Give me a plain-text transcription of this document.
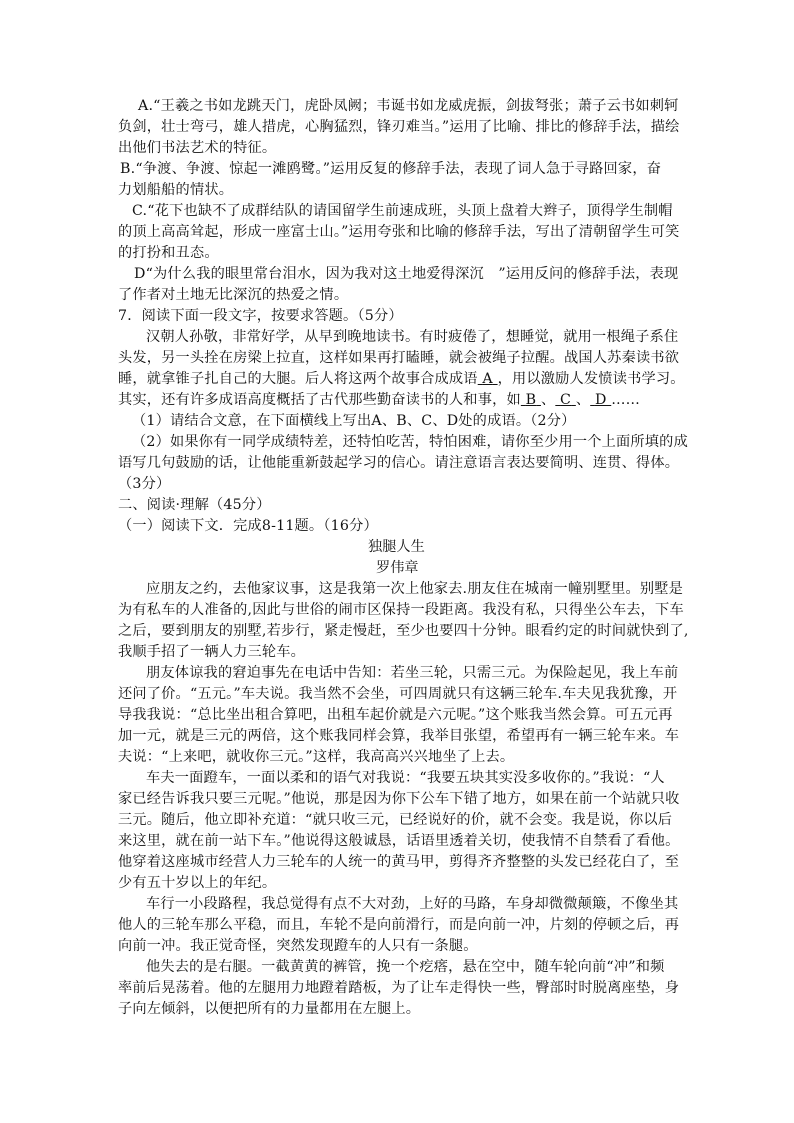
A.“王羲之书如龙跳天门，虎卧凤阙；韦诞书如龙威虎振，剑拔弩张；萧子云书如刺轲
负剑，壮士弯弓，雄人措虎，心胸猛烈，锋刃难当。”运用了比喻、排比的修辞手法，描绘
出他们书法艺术的特征。
B.“争渡、争渡、惊起一滩鸥鹭。”运用反复的修辞手法，表现了词人急于寻路回家，奋
力划船船的情状。
C.“花下也缺不了成群结队的请国留学生前速成班，头顶上盘着大辫子，顶得学生制帽
的顶上高高耸起，形成一座富士山。”运用夸张和比喻的修辞手法，写出了清朝留学生可笑
的打扮和丑态。
D“为什么我的眼里常台泪水，因为我对这土地爱得深沉　”运用反问的修辞手法，表现
了作者对土地无比深沉的热爱之情。
7．阅读下面一段文字，按要求答题。（5分）
汉朝人孙敬，非常好学，从早到晚地读书。有时疲倦了，想睡觉，就用一根绳子系住
头发，另一头拴在房梁上拉直，这样如果再打瞌睡，就会被绳子拉醒。战国人苏秦读书欲
睡，就拿锥子扎自己的大腿。后人将这两个故事合成成语 A ，用以激励人发愤读书学习。
其实，还有许多成语高度概括了古代那些勤奋读书的人和事，如 B 、 C 、 D ……
（1）请结合文意，在下面横线上写出A、B、C、D处的成语。（2分）
（2）如果你有一同学成绩特差，还特怕吃苦，特怕困难，请你至少用一个上面所填的成
语写几句鼓励的话，让他能重新鼓起学习的信心。请注意语言表达要简明、连贯、得体。
（3分）
二、阅读·理解（45分）
（一）阅读下文．完成8-11题。（16分）
独腿人生
罗伟章
应朋友之约，去他家议事，这是我第一次上他家去.朋友住在城南一幢别墅里。别墅是
为有私车的人准备的,因此与世俗的闹市区保持一段距离。我没有私，只得坐公车去，下车
之后，要到朋友的别墅,若步行，紧走慢赶，至少也要四十分钟。眼看约定的时间就快到了,
我顺手招了一辆人力三轮车。
朋友体谅我的窘迫事先在电话中告知：若坐三轮，只需三元。为保险起见，我上车前
还问了价。“五元。”车夫说。我当然不会坐，可四周就只有这辆三轮车.车夫见我犹豫，开
导我我说：“总比坐出租合算吧，出租车起价就是六元呢。”这个账我当然会算。可五元再
加一元，就是三元的两倍，这个账我同样会算，我举目张望，希望再有一辆三轮车来。车
夫说：“上来吧，就收你三元。”这样，我高高兴兴地坐了上去。
车夫一面蹬车，一面以柔和的语气对我说：“我要五块其实没多收你的。”我说：“人
家已经告诉我只要三元呢。”他说，那是因为你下公车下错了地方，如果在前一个站就只收
三元。随后，他立即补充道：“就只收三元，已经说好的价，就不会变。我是说，你以后
来这里，就在前一站下车。”他说得这般诚恳，话语里透着关切，使我情不自禁看了看他。
他穿着这座城市经营人力三轮车的人统一的黄马甲，剪得齐齐整整的头发已经花白了，至
少有五十岁以上的年纪。
车行一小段路程，我总觉得有点不大对劲，上好的马路，车身却微微颠簸，不像坐其
他人的三轮车那么平稳，而且，车轮不是向前滑行，而是向前一冲，片刻的停顿之后，再
向前一冲。我正觉奇怪，突然发现蹬车的人只有一条腿。
他失去的是右腿。一截黄黄的裤管，挽一个疙瘩，悬在空中，随车轮向前“冲”和频
率前后晃荡着。他的左腿用力地蹬着踏板，为了让车走得快一些，臀部时时脱离座垫，身
子向左倾斜，以便把所有的力量都用在左腿上。
